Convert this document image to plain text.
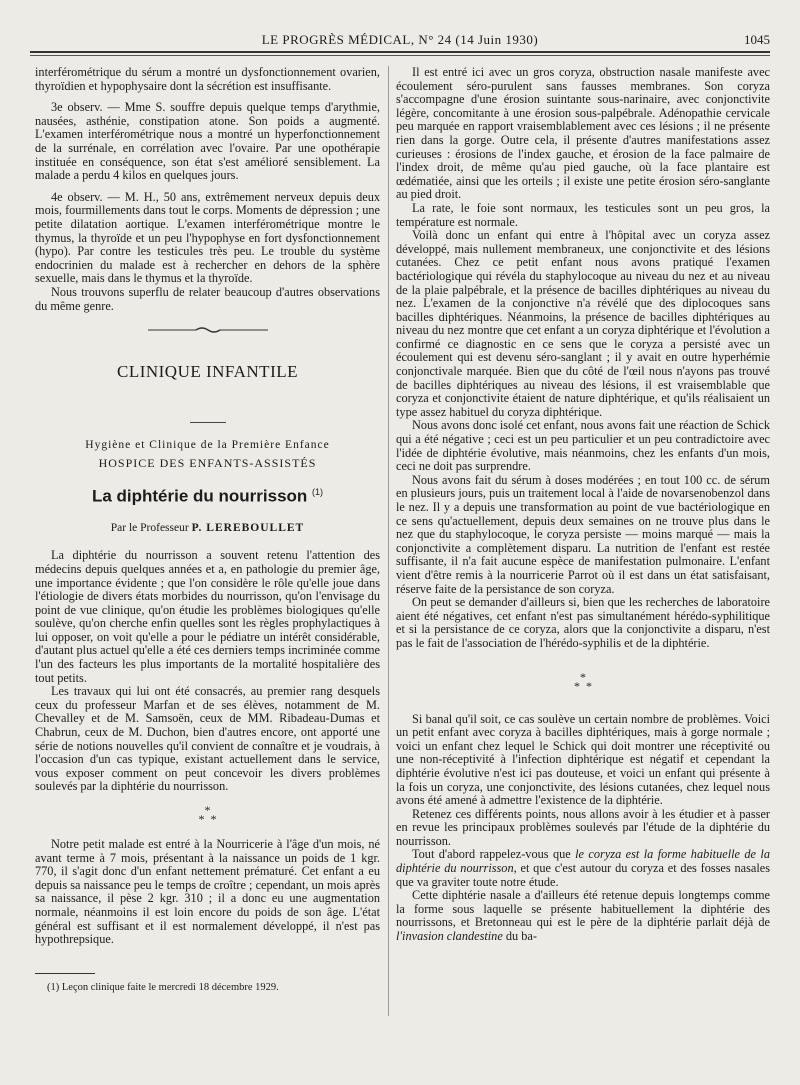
LE PROGRÈS MÉDICAL, N° 24 (14 Juin 1930)	1045

interférométrique du sérum a montré un dysfonctionnement ovarien, thyroïdien et hypophysaire dont la sécrétion est insuffisante.

3e observ. — Mme S. souffre depuis quelque temps d'arythmie, nausées, asthénie, constipation atone. Son poids a augmenté. L'examen interférométrique nous a montré un hyperfonctionnement de la surrénale, en corrélation avec l'ovaire. Par une opothérapie instituée en conséquence, son état s'est amélioré sensiblement. La malade a perdu 4 kilos en quelques jours.

4e observ. — M. H., 50 ans, extrêmement nerveux depuis deux mois, fourmillements dans tout le corps. Moments de dépression ; une petite dilatation aortique. L'examen interférométrique montre le thymus, la thyroïde et un peu l'hypophyse en fort dysfonctionnement (hypo). Par contre les testicules très peu. Le trouble du système endocrinien du malade est à rechercher en dehors de la sphère sexuelle, mais dans le thymus et la thyroïde.

Nous trouvons superflu de relater beaucoup d'autres observations du même genre.

CLINIQUE INFANTILE
Hygiène et Clinique de la Première Enfance
HOSPICE DES ENFANTS-ASSISTÉS
La diphtérie du nourrisson $^{(1)}$
Par le Professeur P. LEREBOULLET

La diphtérie du nourrisson a souvent retenu l'attention des médecins depuis quelques années et a, en pathologie du premier âge, une importance évidente ; que l'on considère le rôle qu'elle joue dans l'étiologie de divers états morbides du nourrisson, qu'on l'envisage du point de vue clinique, qu'on étudie les problèmes biologiques qu'elle soulève, qu'on cherche enfin quelles sont les règles prophylactiques à lui opposer, on voit qu'elle a pour le pédiatre un intérêt considérable, d'autant plus actuel qu'elle a été ces derniers temps incriminée comme l'un des facteurs les plus importants de la mortalité hospitalière des tout petits.

Les travaux qui lui ont été consacrés, au premier rang desquels ceux du professeur Marfan et de ses élèves, notamment de M. Chevalley et de M. Samsoën, ceux de MM. Ribadeau-Dumas et Chabrun, ceux de M. Duchon, bien d'autres encore, ont apporté une série de notions nouvelles qu'il convient de connaître et je voudrais, à l'occasion d'un cas typique, existant actuellement dans le service, vous exposer comment on peut concevoir les divers problèmes soulevés par la diphtérie du nourrisson.

*
* *

Notre petit malade est entré à la Nourricerie à l'âge d'un mois, né avant terme à 7 mois, présentant à la naissance un poids de 1 kgr. 770, il s'agit donc d'un enfant nettement prématuré. Cet enfant a eu depuis sa naissance peu le temps de croître ; cependant, un mois après sa naissance, il pèse 2 kgr. 310 ; il a donc eu une augmentation normale, néanmoins il est loin encore du poids de son âge. L'état général est suffisant et il est normalement développé, il n'est pas hypothrepsique.

(1) Leçon clinique faite le mercredi 18 décembre 1929.

Il est entré ici avec un gros coryza, obstruction nasale manifeste avec écoulement séro-purulent sans fausses membranes. Son coryza s'accompagne d'une érosion suintante sous-narinaire, avec conjonctivite légère, concomitante à une érosion sous-palpébrale. Adénopathie cervicale peu marquée en rapport vraisemblablement avec ces lésions ; il ne présente rien dans la gorge. Outre cela, il présente d'autres manifestations assez curieuses : érosions de l'index gauche, et érosion de la face palmaire de l'index droit, de même qu'au pied gauche, où la face plantaire est œdématiée, ainsi que les orteils ; il existe une petite érosion séro-sanglante au pied droit.

La rate, le foie sont normaux, les testicules sont un peu gros, la température est normale.

Voilà donc un enfant qui entre à l'hôpital avec un coryza assez développé, mais nullement membraneux, une conjonctivite et des lésions cutanées. Chez ce petit enfant nous avons pratiqué l'examen bactériologique qui révéla du staphylocoque au niveau du nez et au niveau de la plaie palpébrale, et la présence de bacilles diphtériques au niveau du nez. L'examen de la conjonctive n'a révélé que des diplocoques sans bacilles diphtériques. Néanmoins, la présence de bacilles diphtériques au niveau du nez montre que cet enfant a un coryza diphtérique et l'évolution a confirmé ce diagnostic en ce sens que le coryza a persisté avec un écoulement qui est devenu séro-sanglant ; il y avait en outre hyperhémie conjonctivale marquée. Bien que du côté de l'œil nous n'ayons pas trouvé de bacilles diphtériques au niveau des lésions, il est vraisemblable que coryza et conjonctivite étaient de nature diphtérique, et qu'ils réalisaient un type assez habituel du coryza diphtérique.

Nous avons donc isolé cet enfant, nous avons fait une réaction de Schick qui a été négative ; ceci est un peu particulier et un peu contradictoire avec l'idée de diphtérie évolutive, mais néanmoins, chez les enfants d'un mois, ceci ne doit pas surprendre.

Nous avons fait du sérum à doses modérées ; en tout 100 cc. de sérum en plusieurs jours, puis un traitement local à l'aide de novarsenobenzol dans le nez. Il y a depuis une transformation au point de vue bactériologique en ce sens qu'actuellement, depuis deux semaines on ne trouve plus dans le nez que du staphylocoque, le coryza persiste — moins marqué — mais la conjonctivite a complètement disparu. La nutrition de l'enfant est restée suffisante, il n'a fait aucune espèce de manifestation pulmonaire. L'enfant vient d'être remis à la nourricerie Parrot où il est dans un état satisfaisant, réserve faite de la persistance de son coryza.

On peut se demander d'ailleurs si, bien que les recherches de laboratoire aient été négatives, cet enfant n'est pas simultanément hérédo-syphilitique et si la persistance de ce coryza, alors que la conjonctivite a disparu, n'est pas le fait de l'association de l'hérédo-syphilis et de la diphtérie.

*
* *

Si banal qu'il soit, ce cas soulève un certain nombre de problèmes. Voici un petit enfant avec coryza à bacilles diphtériques, mais à gorge normale ; voici un enfant chez lequel le Schick qui doit montrer une réceptivité ou une non-réceptivité à l'infection diphtérique est négatif et cependant la diphtérie évolutive n'est ici pas douteuse, et voici un enfant qui présente à la fois un coryza, une conjonctivite, des lésions cutanées, chez lequel nous avons été amené à admettre l'existence de la diphtérie.

Retenez ces différents points, nous allons avoir à les étudier et à passer en revue les principaux problèmes soulevés par l'étude de la diphtérie du nourrisson.

Tout d'abord rappelez-vous que le coryza est la forme habituelle de la diphtérie du nourrisson, et que c'est autour du coryza et des fosses nasales que va graviter toute notre étude.

Cette diphtérie nasale a d'ailleurs été retenue depuis longtemps comme la forme sous laquelle se présente habituellement la diphtérie des nourrissons, et Bretonneau qui est le père de la diphtérie parlait déjà de l'invasion clandestine du ba-
